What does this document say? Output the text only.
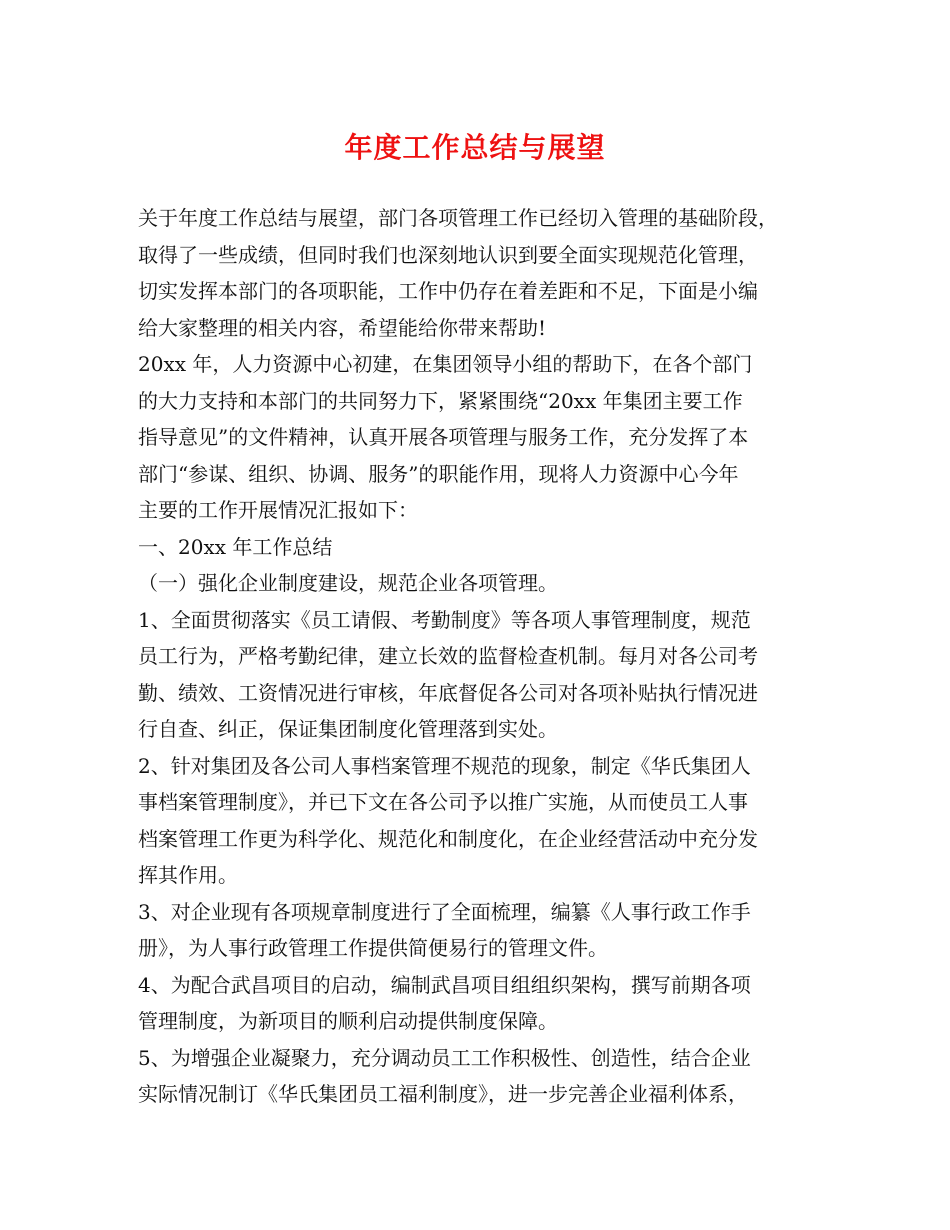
年度工作总结与展望
关于年度工作总结与展望，部门各项管理工作已经切入管理的基础阶段，
取得了一些成绩，但同时我们也深刻地认识到要全面实现规范化管理，
切实发挥本部门的各项职能，工作中仍存在着差距和不足，下面是小编
给大家整理的相关内容，希望能给你带来帮助!
20xx 年，人力资源中心初建，在集团领导小组的帮助下，在各个部门
的大力支持和本部门的共同努力下，紧紧围绕“20xx 年集团主要工作
指导意见”的文件精神，认真开展各项管理与服务工作，充分发挥了本
部门“参谋、组织、协调、服务”的职能作用，现将人力资源中心今年
主要的工作开展情况汇报如下：
一、20xx 年工作总结
（一）强化企业制度建设，规范企业各项管理。
1、全面贯彻落实《员工请假、考勤制度》等各项人事管理制度，规范
员工行为，严格考勤纪律，建立长效的监督检查机制。每月对各公司考
勤、绩效、工资情况进行审核，年底督促各公司对各项补贴执行情况进
行自查、纠正，保证集团制度化管理落到实处。
2、针对集团及各公司人事档案管理不规范的现象，制定《华氏集团人
事档案管理制度》，并已下文在各公司予以推广实施，从而使员工人事
档案管理工作更为科学化、规范化和制度化，在企业经营活动中充分发
挥其作用。
3、对企业现有各项规章制度进行了全面梳理，编纂《人事行政工作手
册》，为人事行政管理工作提供简便易行的管理文件。
4、为配合武昌项目的启动，编制武昌项目组组织架构，撰写前期各项
管理制度，为新项目的顺利启动提供制度保障。
5、为增强企业凝聚力，充分调动员工工作积极性、创造性，结合企业
实际情况制订《华氏集团员工福利制度》，进一步完善企业福利体系，
